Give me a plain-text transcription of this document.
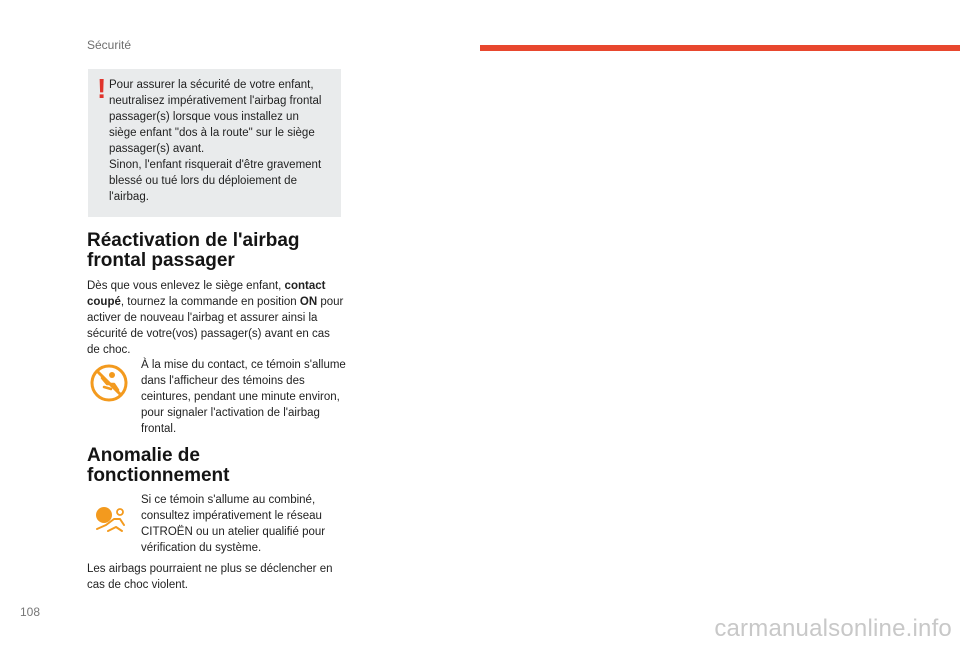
Sécurité
! Pour assurer la sécurité de votre enfant,
neutralisez impérativement l'airbag frontal
passager(s) lorsque vous installez un
siège enfant "dos à la route" sur le siège
passager(s) avant.
Sinon, l'enfant risquerait d'être gravement
blessé ou tué lors du déploiement de
l'airbag.

Réactivation de l'airbag
frontal passager

Dès que vous enlevez le siège enfant, contact coupé, tournez la commande en position ON pour activer de nouveau l'airbag et assurer ainsi la sécurité de votre(vos) passager(s) avant en cas de choc.

À la mise du contact, ce témoin s'allume dans l'afficheur des témoins des ceintures, pendant une minute environ, pour signaler l'activation de l'airbag frontal.

Anomalie de
fonctionnement

Si ce témoin s'allume au combiné, consultez impérativement le réseau CITROËN ou un atelier qualifié pour vérification du système.

Les airbags pourraient ne plus se déclencher en cas de choc violent.

108
carmanualsonline.info
